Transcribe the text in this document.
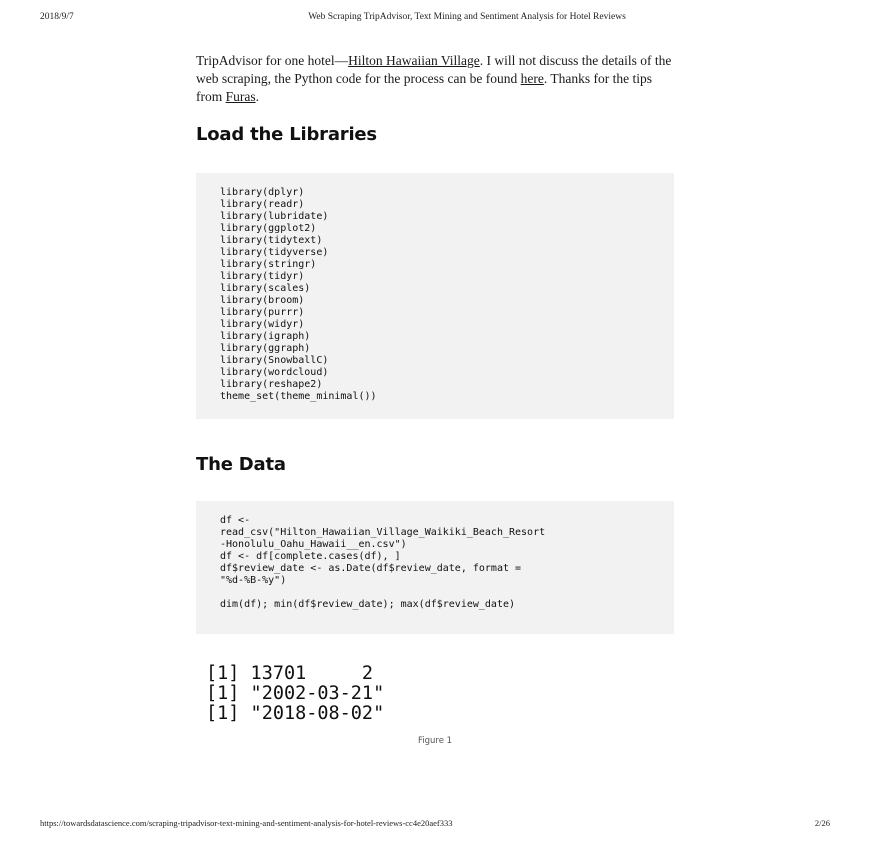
2018/9/7	Web Scraping TripAdvisor, Text Mining and Sentiment Analysis for Hotel Reviews

TripAdvisor for one hotel—Hilton Hawaiian Village. I will not discuss the details of the web scraping, the Python code for the process can be found here. Thanks for the tips from Furas.

Load the Libraries
library(dplyr)
library(readr)
library(lubridate)
library(ggplot2)
library(tidytext)
library(tidyverse)
library(stringr)
library(tidyr)
library(scales)
library(broom)
library(purrr)
library(widyr)
library(igraph)
library(ggraph)
library(SnowballC)
library(wordcloud)
library(reshape2)
theme_set(theme_minimal())
The Data
df <-
read_csv("Hilton_Hawaiian_Village_Waikiki_Beach_Resort
-Honolulu_Oahu_Hawaii__en.csv")
df <- df[complete.cases(df), ]
df$review_date <- as.Date(df$review_date, format =
"%d-%B-%y")

dim(df); min(df$review_date); max(df$review_date)
[1] 13701     2
[1] "2002-03-21"
[1] "2018-08-02"
Figure 1
https://towardsdatascience.com/scraping-tripadvisor-text-mining-and-sentiment-analysis-for-hotel-reviews-cc4e20aef333	2/26
